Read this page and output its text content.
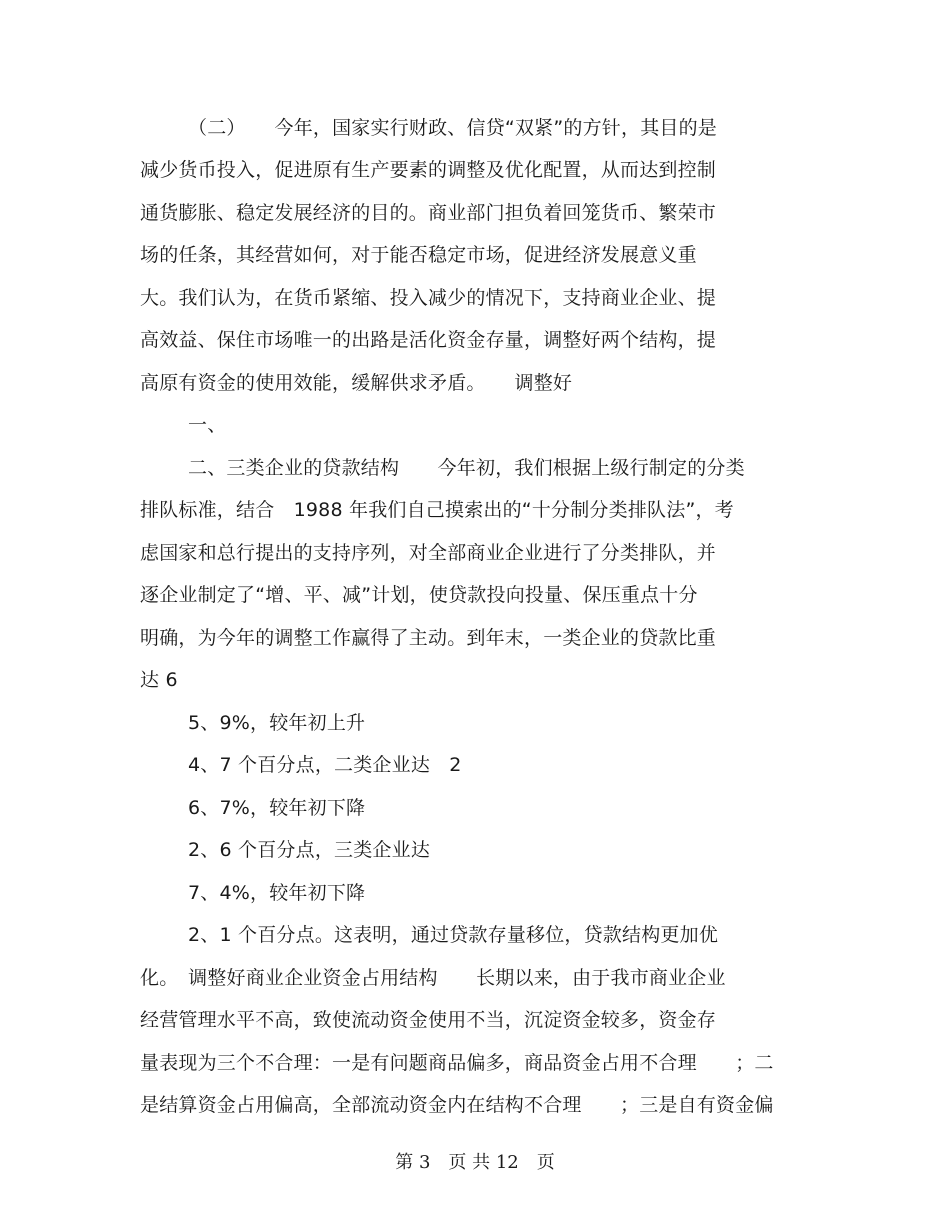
（二）　　今年，国家实行财政、信贷“双紧”的方针，其目的是
减少货币投入，促进原有生产要素的调整及优化配置，从而达到控制
通货膨胀、稳定发展经济的目的。商业部门担负着回笼货币、繁荣市
场的任条，其经营如何，对于能否稳定市场，促进经济发展意义重
大。我们认为，在货币紧缩、投入减少的情况下，支持商业企业、提
高效益、保住市场唯一的出路是活化资金存量，调整好两个结构，提
高原有资金的使用效能，缓解供求矛盾。　　调整好
一、
二、三类企业的贷款结构　　今年初，我们根据上级行制定的分类
排队标准，结合　1988 年我们自己摸索出的“十分制分类排队法”，考
虑国家和总行提出的支持序列，对全部商业企业进行了分类排队，并
逐企业制定了“增、平、减”计划，使贷款投向投量、保压重点十分
明确，为今年的调整工作赢得了主动。到年末，一类企业的贷款比重
达 6
5、9%，较年初上升
4、7 个百分点，二类企业达　2
6、7%，较年初下降
2、6 个百分点，三类企业达
7、4%，较年初下降
2、1 个百分点。这表明，通过贷款存量移位，贷款结构更加优
化。　调整好商业企业资金占用结构　　长期以来，由于我市商业企业
经营管理水平不高，致使流动资金使用不当，沉淀资金较多，资金存
量表现为三个不合理：一是有问题商品偏多，商品资金占用不合理　　；二
是结算资金占用偏高，全部流动资金内在结构不合理　　；三是自有资金偏
第 3　页 共 12　页
